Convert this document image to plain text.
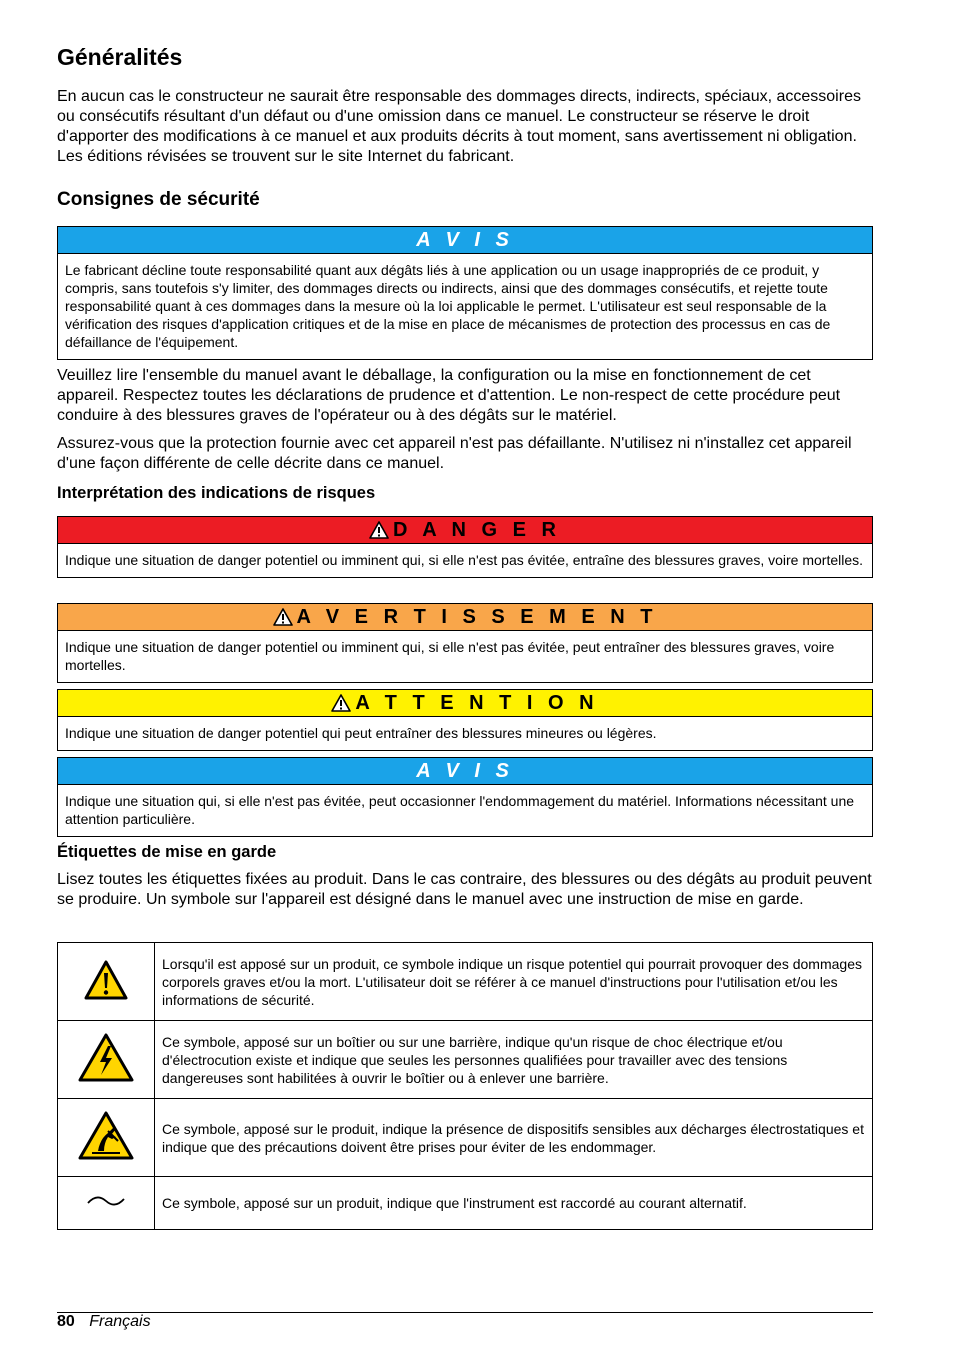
Généralités

En aucun cas le constructeur ne saurait être responsable des dommages directs, indirects, spéciaux, accessoires ou consécutifs résultant d'un défaut ou d'une omission dans ce manuel. Le constructeur se réserve le droit d'apporter des modifications à ce manuel et aux produits décrits à tout moment, sans avertissement ni obligation. Les éditions révisées se trouvent sur le site Internet du fabricant.

Consignes de sécurité
A V I S
Le fabricant décline toute responsabilité quant aux dégâts liés à une application ou un usage inappropriés de ce produit, y compris, sans toutefois s'y limiter, des dommages directs ou indirects, ainsi que des dommages consécutifs, et rejette toute responsabilité quant à ces dommages dans la mesure où la loi applicable le permet. L'utilisateur est seul responsable de la vérification des risques d'application critiques et de la mise en place de mécanismes de protection des processus en cas de défaillance de l'équipement.

Veuillez lire l'ensemble du manuel avant le déballage, la configuration ou la mise en fonctionnement de cet appareil. Respectez toutes les déclarations de prudence et d'attention. Le non-respect de cette procédure peut conduire à des blessures graves de l'opérateur ou à des dégâts sur le matériel.

Assurez-vous que la protection fournie avec cet appareil n'est pas défaillante. N'utilisez ni n'installez cet appareil d'une façon différente de celle décrite dans ce manuel.

Interprétation des indications de risques
D A N G E R
Indique une situation de danger potentiel ou imminent qui, si elle n'est pas évitée, entraîne des blessures graves, voire mortelles.
A V E R T I S S E M E N T
Indique une situation de danger potentiel ou imminent qui, si elle n'est pas évitée, peut entraîner des blessures graves, voire mortelles.
A T T E N T I O N
Indique une situation de danger potentiel qui peut entraîner des blessures mineures ou légères.
A V I S
Indique une situation qui, si elle n'est pas évitée, peut occasionner l'endommagement du matériel. Informations nécessitant une attention particulière.
Étiquettes de mise en garde

Lisez toutes les étiquettes fixées au produit. Dans le cas contraire, des blessures ou des dégâts au produit peuvent se produire. Un symbole sur l'appareil est désigné dans le manuel avec une instruction de mise en garde.

	Lorsqu'il est apposé sur un produit, ce symbole indique un risque potentiel qui pourrait provoquer des dommages corporels graves et/ou la mort. L'utilisateur doit se référer à ce manuel d'instructions pour l'utilisation et/ou les informations de sécurité.
	Ce symbole, apposé sur un boîtier ou sur une barrière, indique qu'un risque de choc électrique et/ou d'électrocution existe et indique que seules les personnes qualifiées pour travailler avec des tensions dangereuses sont habilitées à ouvrir le boîtier ou à enlever une barrière.
	Ce symbole, apposé sur le produit, indique la présence de dispositifs sensibles aux décharges électrostatiques et indique que des précautions doivent être prises pour éviter de les endommager.
	Ce symbole, apposé sur un produit, indique que l'instrument est raccordé au courant alternatif.
80 Français
